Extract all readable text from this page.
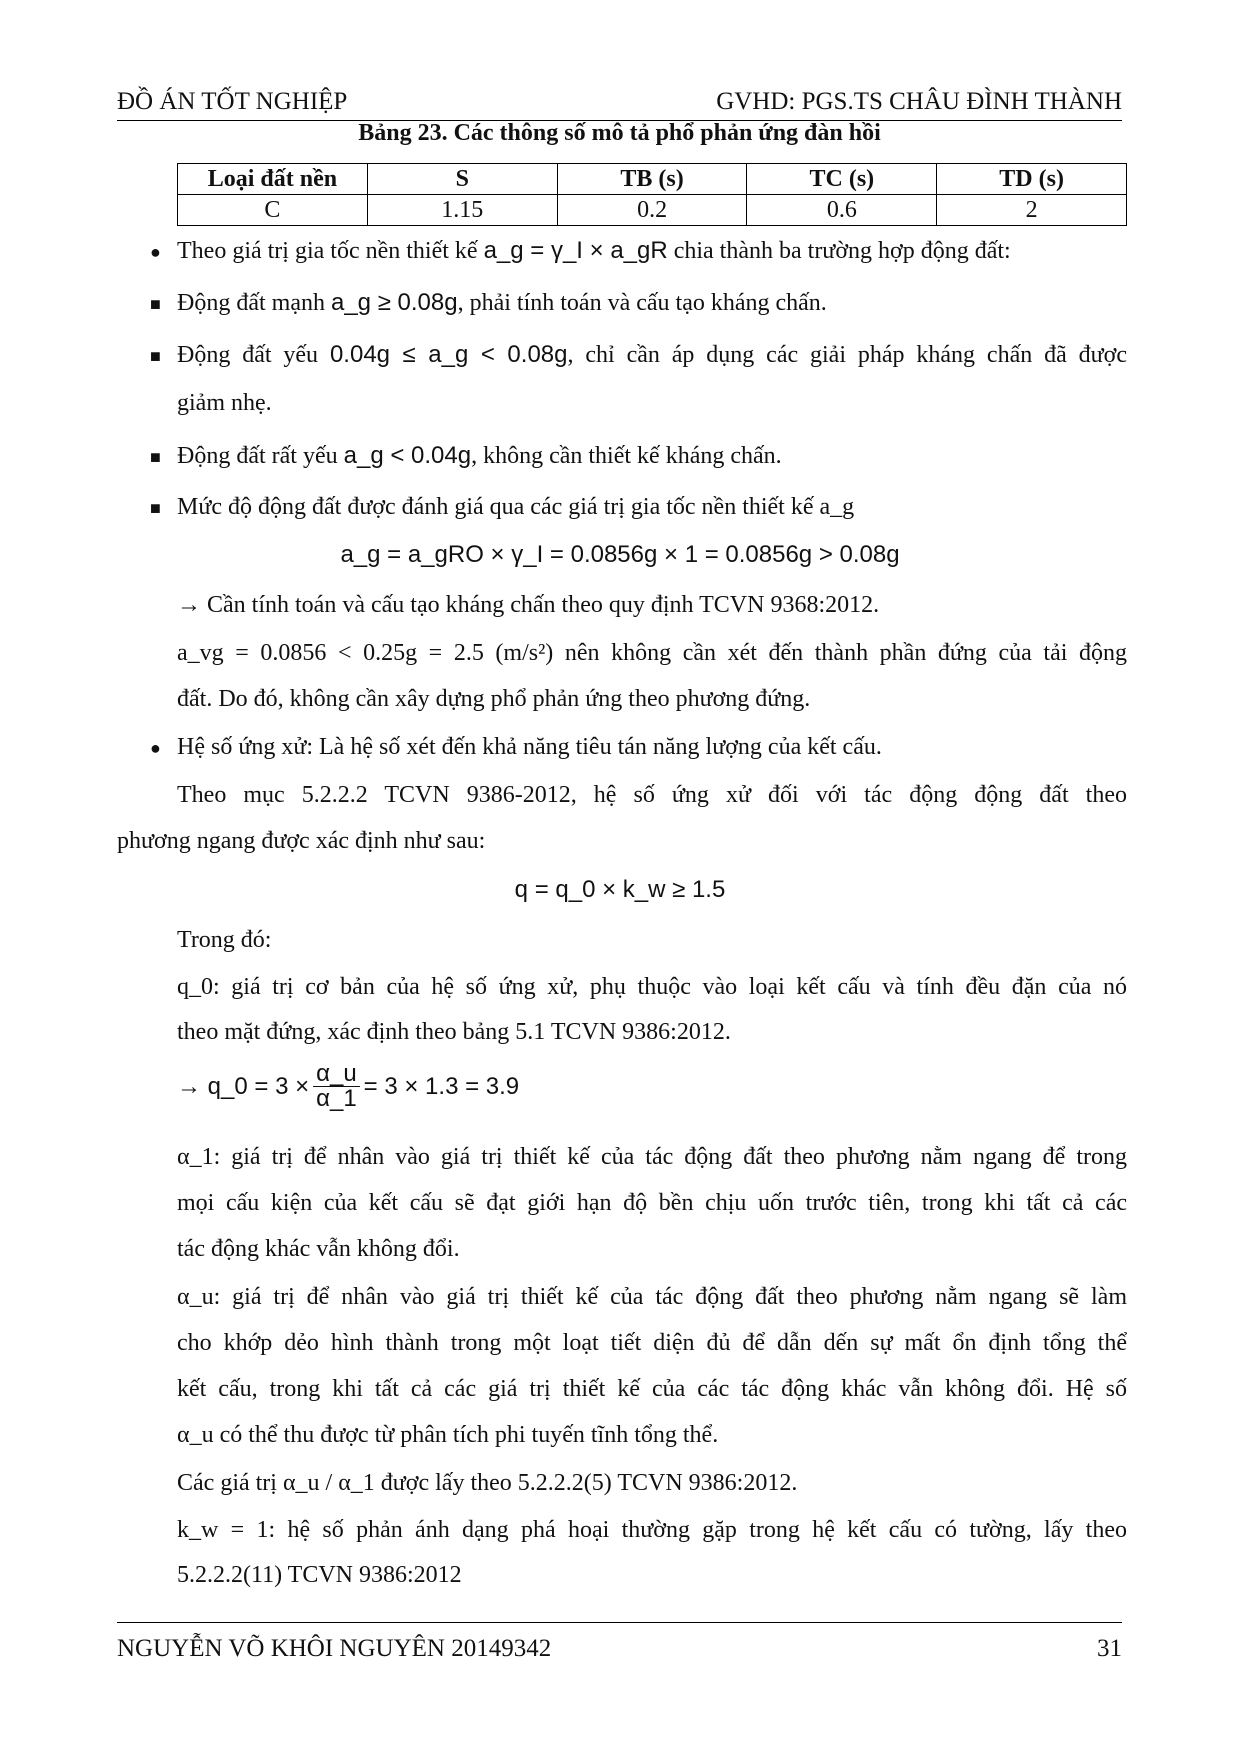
ĐỒ ÁN TỐT NGHIỆP	GVHD: PGS.TS CHÂU ĐÌNH THÀNH
Bảng 23. Các thông số mô tả phổ phản ứng đàn hồi
Loại đất nền	S	TB (s)	TC (s)	TD (s)
C	1.15	0.2	0.6	2
● Theo giá trị gia tốc nền thiết kế a_g = γ_I × a_gR chia thành ba trường hợp động đất:
■ Động đất mạnh a_g ≥ 0.08g, phải tính toán và cấu tạo kháng chấn.
■ Động đất yếu 0.04g ≤ a_g < 0.08g, chỉ cần áp dụng các giải pháp kháng chấn đã được
giảm nhẹ.
■ Động đất rất yếu a_g < 0.04g, không cần thiết kế kháng chấn.
■ Mức độ động đất được đánh giá qua các giá trị gia tốc nền thiết kế a_g
a_g = a_gRO × γ_I = 0.0856g × 1 = 0.0856g > 0.08g
→ Cần tính toán và cấu tạo kháng chấn theo quy định TCVN 9368:2012.
a_vg = 0.0856 < 0.25g = 2.5 (m/s²) nên không cần xét đến thành phần đứng của tải động
đất. Do đó, không cần xây dựng phổ phản ứng theo phương đứng.
● Hệ số ứng xử: Là hệ số xét đến khả năng tiêu tán năng lượng của kết cấu.
Theo mục 5.2.2.2 TCVN 9386-2012, hệ số ứng xử đối với tác động động đất theo
phương ngang được xác định như sau:
q = q_0 × k_w ≥ 1.5
Trong đó:
q_0: giá trị cơ bản của hệ số ứng xử, phụ thuộc vào loại kết cấu và tính đều đặn của nó
theo mặt đứng, xác định theo bảng 5.1 TCVN 9386:2012.
→ q_0 = $3 \times \frac{\alpha\_u}{\alpha\_1} = 3 \times 1.3 = 3.9$
α_1: giá trị để nhân vào giá trị thiết kế của tác động đất theo phương nằm ngang để trong
mọi cấu kiện của kết cấu sẽ đạt giới hạn độ bền chịu uốn trước tiên, trong khi tất cả các
tác động khác vẫn không đổi.
α_u: giá trị để nhân vào giá trị thiết kế của tác động đất theo phương nằm ngang sẽ làm
cho khớp dẻo hình thành trong một loạt tiết diện đủ để dẫn dến sự mất ổn định tổng thể
kết cấu, trong khi tất cả các giá trị thiết kế của các tác động khác vẫn không đổi. Hệ số
α_u có thể thu được từ phân tích phi tuyến tĩnh tổng thể.
Các giá trị α_u / α_1 được lấy theo 5.2.2.2(5) TCVN 9386:2012.
k_w = 1: hệ số phản ánh dạng phá hoại thường gặp trong hệ kết cấu có tường, lấy theo
5.2.2.2(11) TCVN 9386:2012
NGUYỄN VÕ KHÔI NGUYÊN 20149342	31
